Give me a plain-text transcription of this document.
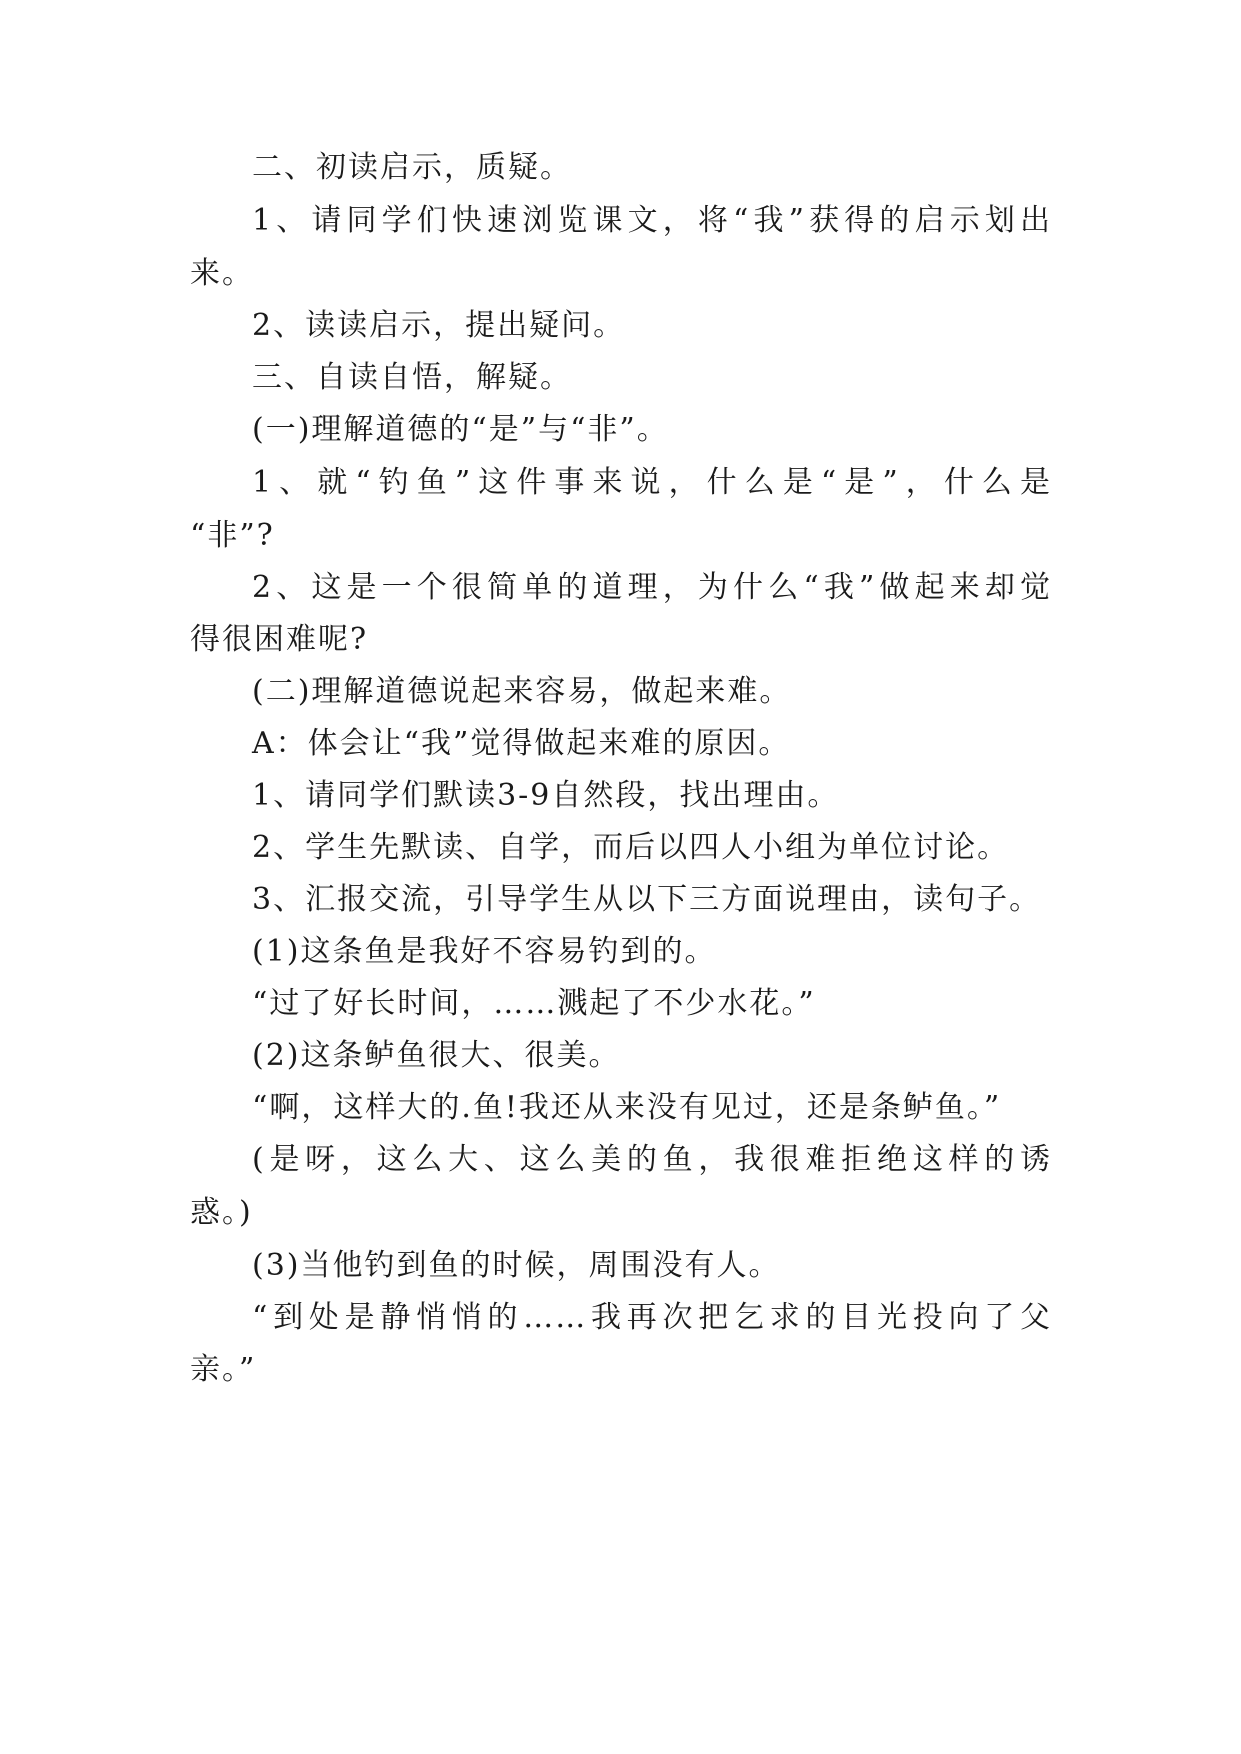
二、初读启示，质疑。
1、请同学们快速浏览课文，将“我”获得的启示划出
来。
2、读读启示，提出疑问。
三、自读自悟，解疑。
(一)理解道德的“是”与“非”。
1、就“钓鱼”这件事来说，什么是“是”，什么是
“非”?
2、这是一个很简单的道理，为什么“我”做起来却觉
得很困难呢?
(二)理解道德说起来容易，做起来难。
A：体会让“我”觉得做起来难的原因。
1、请同学们默读3-9自然段，找出理由。
2、学生先默读、自学，而后以四人小组为单位讨论。
3、汇报交流，引导学生从以下三方面说理由，读句子。
(1)这条鱼是我好不容易钓到的。
“过了好长时间，……溅起了不少水花。”
(2)这条鲈鱼很大、很美。
“啊，这样大的.鱼!我还从来没有见过，还是条鲈鱼。”
(是呀，这么大、这么美的鱼，我很难拒绝这样的诱
惑。)
(3)当他钓到鱼的时候，周围没有人。
“到处是静悄悄的……我再次把乞求的目光投向了父
亲。”
